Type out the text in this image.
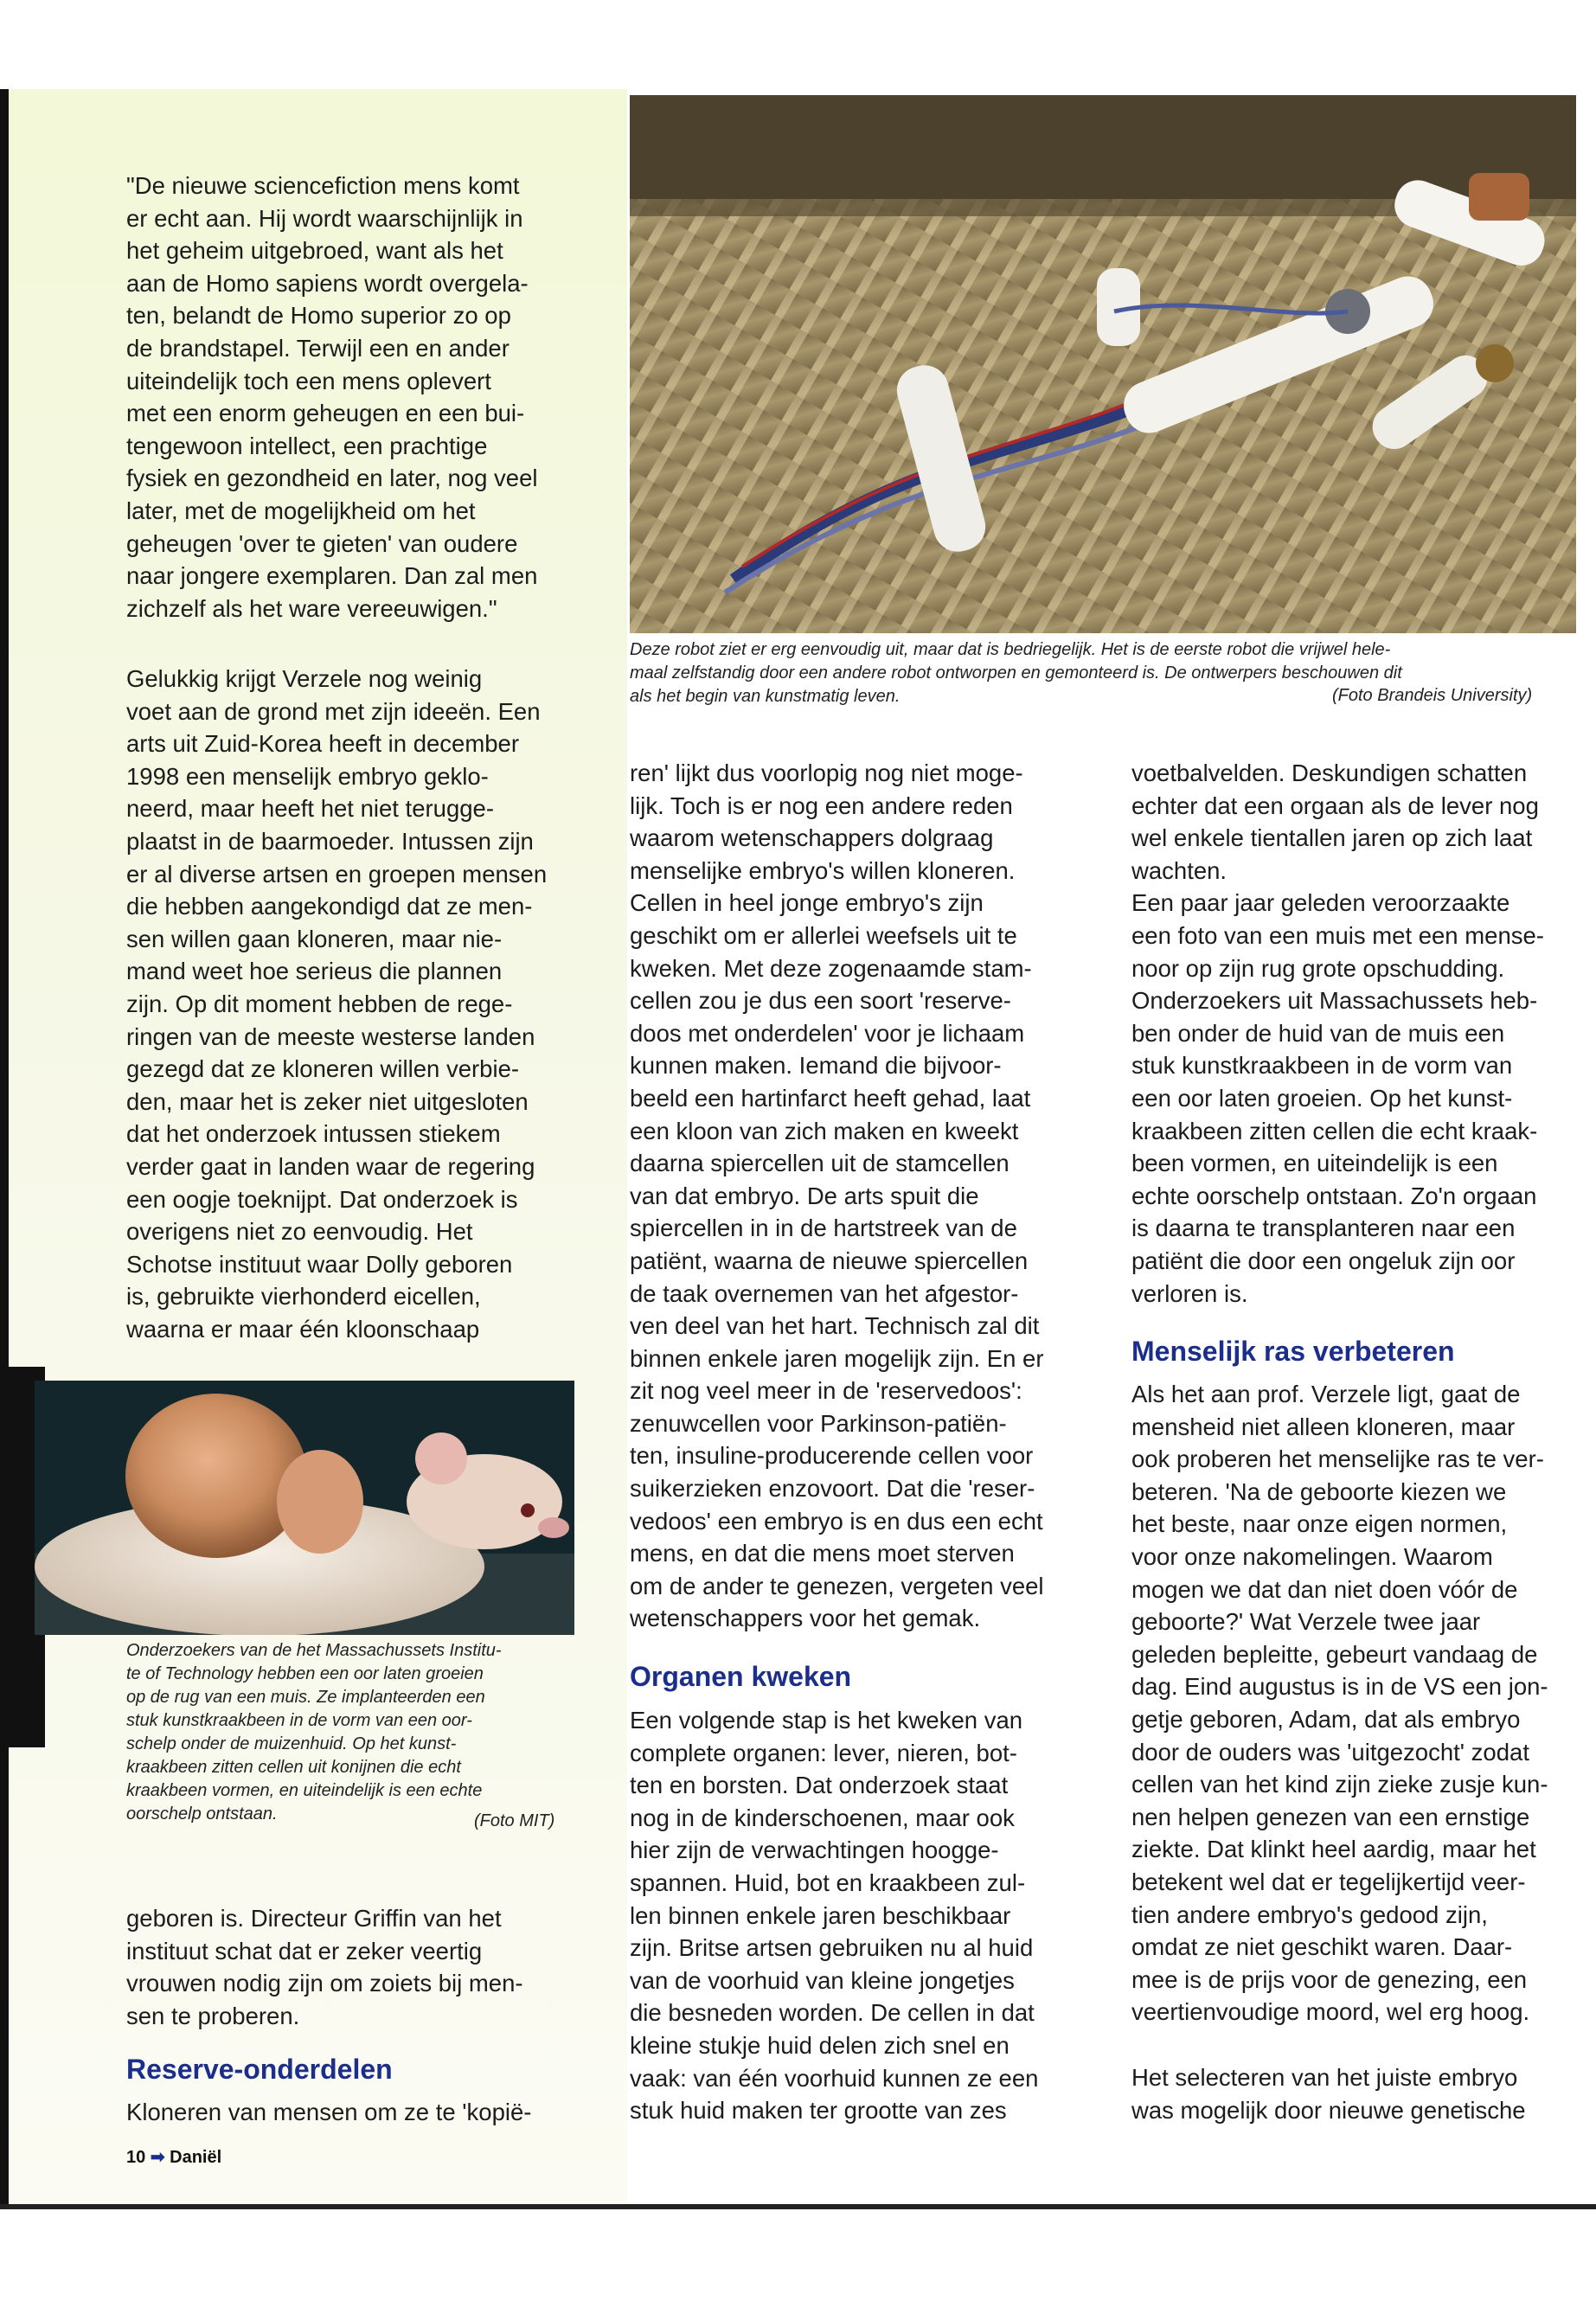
"De nieuwe sciencefiction mens komt
er echt aan. Hij wordt waarschijnlijk in
het geheim uitgebroed, want als het
aan de Homo sapiens wordt overgela-
ten, belandt de Homo superior zo op
de brandstapel. Terwijl een en ander
uiteindelijk toch een mens oplevert
met een enorm geheugen en een bui-
tengewoon intellect, een prachtige
fysiek en gezondheid en later, nog veel
later, met de mogelijkheid om het
geheugen 'over te gieten' van oudere
naar jongere exemplaren. Dan zal men
zichzelf als het ware vereeuwigen."

Gelukkig krijgt Verzele nog weinig
voet aan de grond met zijn ideeën. Een
arts uit Zuid-Korea heeft in december
1998 een menselijk embryo geklo-
neerd, maar heeft het niet terugge-
plaatst in de baarmoeder. Intussen zijn
er al diverse artsen en groepen mensen
die hebben aangekondigd dat ze men-
sen willen gaan kloneren, maar nie-
mand weet hoe serieus die plannen
zijn. Op dit moment hebben de rege-
ringen van de meeste westerse landen
gezegd dat ze kloneren willen verbie-
den, maar het is zeker niet uitgesloten
dat het onderzoek intussen stiekem
verder gaat in landen waar de regering
een oogje toeknijpt. Dat onderzoek is
overigens niet zo eenvoudig. Het
Schotse instituut waar Dolly geboren
is, gebruikte vierhonderd eicellen,
waarna er maar één kloonschaap

Onderzoekers van de het Massachussets Institu-
te of Technology hebben een oor laten groeien
op de rug van een muis. Ze implanteerden een
stuk kunstkraakbeen in de vorm van een oor-
schelp onder de muizenhuid. Op het kunst-
kraakbeen zitten cellen uit konijnen die echt
kraakbeen vormen, en uiteindelijk is een echte
oorschelp ontstaan.	(Foto MIT)

geboren is. Directeur Griffin van het
instituut schat dat er zeker veertig
vrouwen nodig zijn om zoiets bij men-
sen te proberen.

Reserve-onderdelen

Kloneren van mensen om ze te 'kopië-

10 ➡ Daniël

Deze robot ziet er erg eenvoudig uit, maar dat is bedriegelijk. Het is de eerste robot die vrijwel hele-
maal zelfstandig door een andere robot ontworpen en gemonteerd is. De ontwerpers beschouwen dit
als het begin van kunstmatig leven.	(Foto Brandeis University)

ren' lijkt dus voorlopig nog niet moge-
lijk. Toch is er nog een andere reden
waarom wetenschappers dolgraag
menselijke embryo's willen kloneren.
Cellen in heel jonge embryo's zijn
geschikt om er allerlei weefsels uit te
kweken. Met deze zogenaamde stam-
cellen zou je dus een soort 'reserve-
doos met onderdelen' voor je lichaam
kunnen maken. Iemand die bijvoor-
beeld een hartinfarct heeft gehad, laat
een kloon van zich maken en kweekt
daarna spiercellen uit de stamcellen
van dat embryo. De arts spuit die
spiercellen in in de hartstreek van de
patiënt, waarna de nieuwe spiercellen
de taak overnemen van het afgestor-
ven deel van het hart. Technisch zal dit
binnen enkele jaren mogelijk zijn. En er
zit nog veel meer in de 'reservedoos':
zenuwcellen voor Parkinson-patiën-
ten, insuline-producerende cellen voor
suikerzieken enzovoort. Dat die 'reser-
vedoos' een embryo is en dus een echt
mens, en dat die mens moet sterven
om de ander te genezen, vergeten veel
wetenschappers voor het gemak.

Organen kweken

Een volgende stap is het kweken van
complete organen: lever, nieren, bot-
ten en borsten. Dat onderzoek staat
nog in de kinderschoenen, maar ook
hier zijn de verwachtingen hoogge-
spannen. Huid, bot en kraakbeen zul-
len binnen enkele jaren beschikbaar
zijn. Britse artsen gebruiken nu al huid
van de voorhuid van kleine jongetjes
die besneden worden. De cellen in dat
kleine stukje huid delen zich snel en
vaak: van één voorhuid kunnen ze een
stuk huid maken ter grootte van zes

voetbalvelden. Deskundigen schatten
echter dat een orgaan als de lever nog
wel enkele tientallen jaren op zich laat
wachten.
Een paar jaar geleden veroorzaakte
een foto van een muis met een mense-
noor op zijn rug grote opschudding.
Onderzoekers uit Massachussets heb-
ben onder de huid van de muis een
stuk kunstkraakbeen in de vorm van
een oor laten groeien. Op het kunst-
kraakbeen zitten cellen die echt kraak-
been vormen, en uiteindelijk is een
echte oorschelp ontstaan. Zo'n orgaan
is daarna te transplanteren naar een
patiënt die door een ongeluk zijn oor
verloren is.

Menselijk ras verbeteren

Als het aan prof. Verzele ligt, gaat de
mensheid niet alleen kloneren, maar
ook proberen het menselijke ras te ver-
beteren. 'Na de geboorte kiezen we
het beste, naar onze eigen normen,
voor onze nakomelingen. Waarom
mogen we dat dan niet doen vóór de
geboorte?' Wat Verzele twee jaar
geleden bepleitte, gebeurt vandaag de
dag. Eind augustus is in de VS een jon-
getje geboren, Adam, dat als embryo
door de ouders was 'uitgezocht' zodat
cellen van het kind zijn zieke zusje kun-
nen helpen genezen van een ernstige
ziekte. Dat klinkt heel aardig, maar het
betekent wel dat er tegelijkertijd veer-
tien andere embryo's gedood zijn,
omdat ze niet geschikt waren. Daar-
mee is de prijs voor de genezing, een
veertienvoudige moord, wel erg hoog.

Het selecteren van het juiste embryo
was mogelijk door nieuwe genetische
